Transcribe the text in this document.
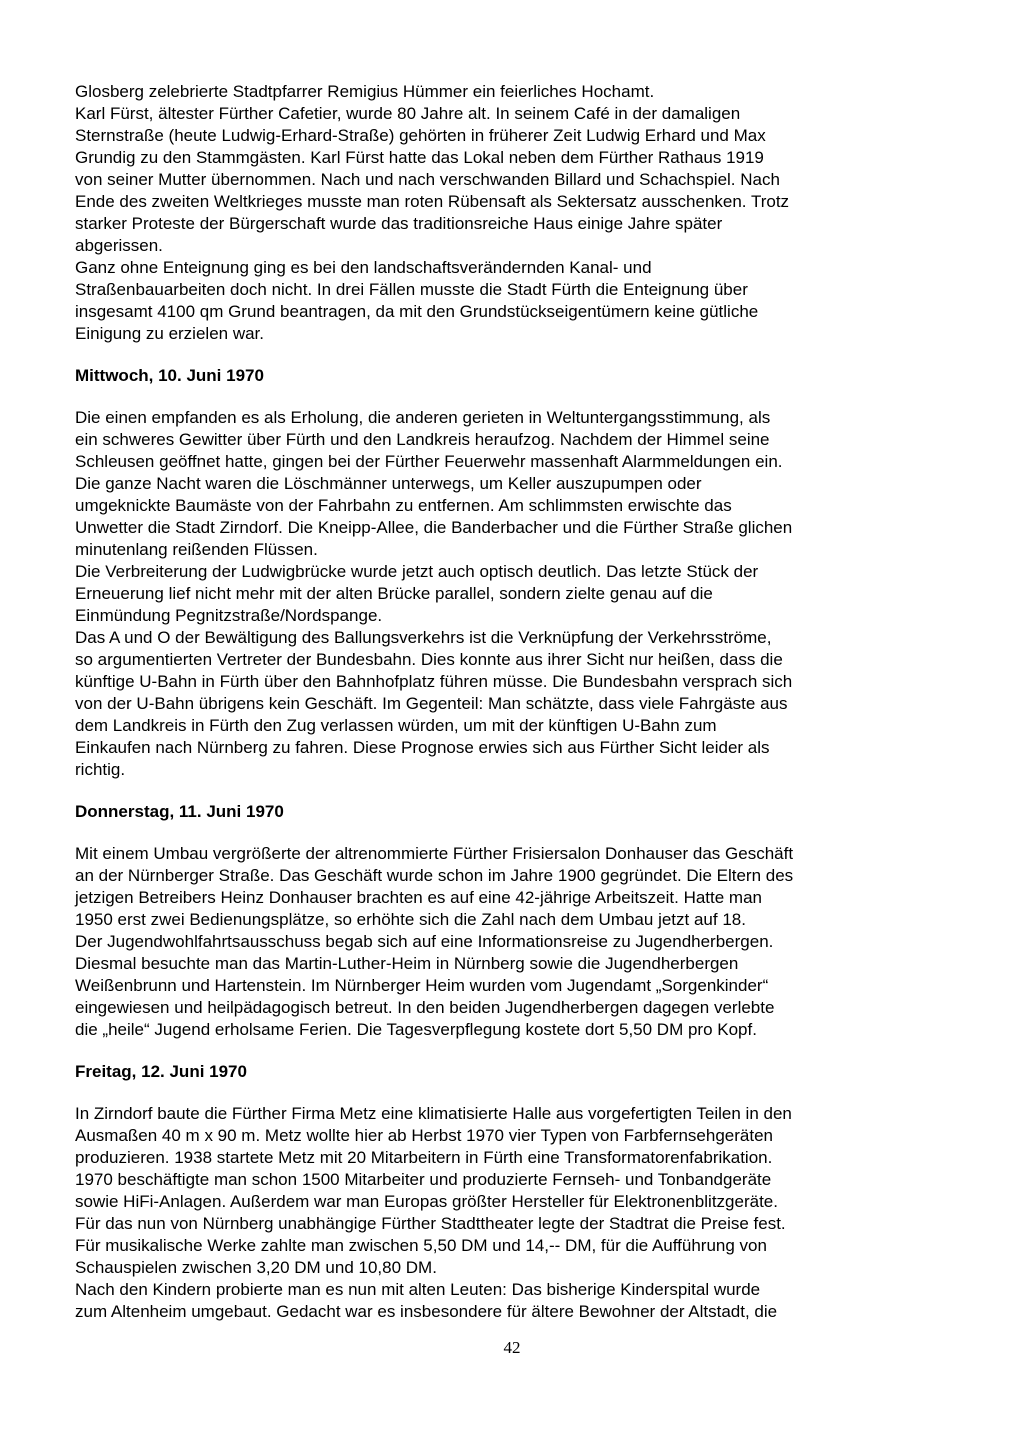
Glosberg zelebrierte Stadtpfarrer Remigius Hümmer ein feierliches Hochamt.
Karl Fürst, ältester Fürther Cafetier, wurde 80 Jahre alt. In seinem Café in der damaligen
Sternstraße (heute Ludwig-Erhard-Straße) gehörten in früherer Zeit Ludwig Erhard und Max
Grundig zu den Stammgästen. Karl Fürst hatte das Lokal neben dem Fürther Rathaus 1919
von seiner Mutter übernommen. Nach und nach verschwanden Billard und Schachspiel. Nach
Ende des zweiten Weltkrieges musste man roten Rübensaft als Sektersatz ausschenken. Trotz
starker Proteste der Bürgerschaft wurde das traditionsreiche Haus einige Jahre später
abgerissen.
Ganz ohne Enteignung ging es bei den landschaftsverändernden Kanal- und
Straßenbauarbeiten doch nicht. In drei Fällen musste die Stadt Fürth die Enteignung über
insgesamt 4100 qm Grund beantragen, da mit den Grundstückseigentümern keine gütliche
Einigung zu erzielen war.
Mittwoch, 10. Juni 1970
Die einen empfanden es als Erholung, die anderen gerieten in Weltuntergangsstimmung, als
ein schweres Gewitter über Fürth und den Landkreis heraufzog. Nachdem der Himmel seine
Schleusen geöffnet hatte, gingen bei der Fürther Feuerwehr massenhaft Alarmmeldungen ein.
Die ganze Nacht waren die Löschmänner unterwegs, um Keller auszupumpen oder
umgeknickte Baumäste von der Fahrbahn zu entfernen. Am schlimmsten erwischte das
Unwetter die Stadt Zirndorf. Die Kneipp-Allee, die Banderbacher und die Fürther Straße glichen
minutenlang reißenden Flüssen.
Die Verbreiterung der Ludwigbrücke wurde jetzt auch optisch deutlich. Das letzte Stück der
Erneuerung lief nicht mehr mit der alten Brücke parallel, sondern zielte genau auf die
Einmündung Pegnitzstraße/Nordspange.
Das A und O der Bewältigung des Ballungsverkehrs ist die Verknüpfung der Verkehrsströme,
so argumentierten Vertreter der Bundesbahn. Dies konnte aus ihrer Sicht nur heißen, dass die
künftige U-Bahn in Fürth über den Bahnhofplatz führen müsse. Die Bundesbahn versprach sich
von der U-Bahn übrigens kein Geschäft. Im Gegenteil: Man schätzte, dass viele Fahrgäste aus
dem Landkreis in Fürth den Zug verlassen würden, um mit der künftigen U-Bahn zum
Einkaufen nach Nürnberg zu fahren. Diese Prognose erwies sich aus Fürther Sicht leider als
richtig.
Donnerstag, 11. Juni 1970
Mit einem Umbau vergrößerte der altrenommierte Fürther Frisiersalon Donhauser das Geschäft
an der Nürnberger Straße. Das Geschäft wurde schon im Jahre 1900 gegründet. Die Eltern des
jetzigen Betreibers Heinz Donhauser brachten es auf eine 42-jährige Arbeitszeit. Hatte man
1950 erst zwei Bedienungsplätze, so erhöhte sich die Zahl nach dem Umbau jetzt auf 18.
Der Jugendwohlfahrtsausschuss begab sich auf eine Informationsreise zu Jugendherbergen.
Diesmal besuchte man das Martin-Luther-Heim in Nürnberg sowie die Jugendherbergen
Weißenbrunn und Hartenstein. Im Nürnberger Heim wurden vom Jugendamt „Sorgenkinder“
eingewiesen und heilpädagogisch betreut. In den beiden Jugendherbergen dagegen verlebte
die „heile“ Jugend erholsame Ferien. Die Tagesverpflegung kostete dort 5,50 DM pro Kopf.
Freitag, 12. Juni 1970
In Zirndorf baute die Fürther Firma Metz eine klimatisierte Halle aus vorgefertigten Teilen in den
Ausmaßen 40 m x 90 m. Metz wollte hier ab Herbst 1970 vier Typen von Farbfernsehgeräten
produzieren. 1938 startete Metz mit 20 Mitarbeitern in Fürth eine Transformatorenfabrikation.
1970 beschäftigte man schon 1500 Mitarbeiter und produzierte Fernseh- und Tonbandgeräte
sowie HiFi-Anlagen. Außerdem war man Europas größter Hersteller für Elektronenblitzgeräte.
Für das nun von Nürnberg unabhängige Fürther Stadttheater legte der Stadtrat die Preise fest.
Für musikalische Werke zahlte man zwischen 5,50 DM und 14,-- DM, für die Aufführung von
Schauspielen zwischen 3,20 DM und 10,80 DM.
Nach den Kindern probierte man es nun mit alten Leuten: Das bisherige Kinderspital wurde
zum Altenheim umgebaut. Gedacht war es insbesondere für ältere Bewohner der Altstadt, die
42
